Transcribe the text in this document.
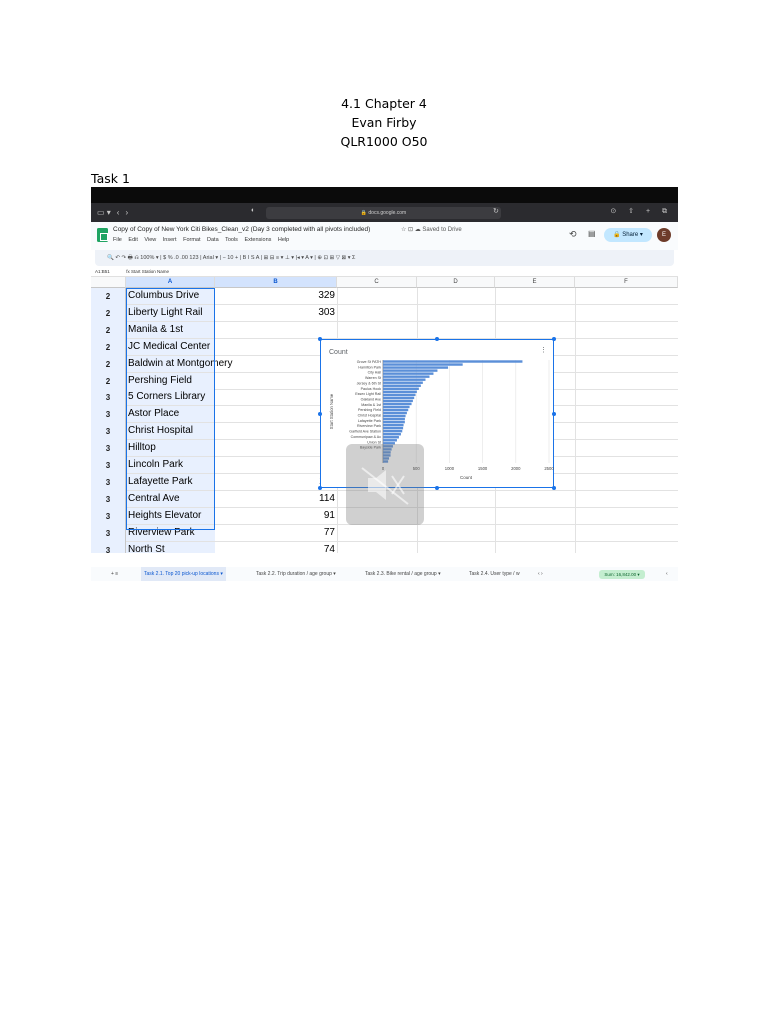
4.1 Chapter 4
Evan Firby
QLR1000 O50
Task 1
▭ ▾ ‹ ›	◐	🔒 docs.google.com	↻	⊙ ⇧ + ⧉
Copy of Copy of New York Citi Bikes_Clean_v2 (Day 3 completed with all pivots included)	☆ ⊡ ☁ Saved to Drive
File Edit View Insert Format Data Tools Extensions Help
⟲ ▤	🔒 Share ▾	E
🔍 ↶ ↷ 🖶 ⎌ 100% ▾ | $ % .0 .00 123 | Arial ▾ | − 10 + | B I S A | ⊞ ⊟ ≡ ▾ ⊥ ▾ |◂ ▾ A ▾ | ⊕ ⊡ ⊞ ▽ ⊠ ▾ Σ
A1:B51	fx Start Station Name
A	B	C	D	E	F
2	Columbus Drive	329
2	Liberty Light Rail	303
2	Manila & 1st
2	JC Medical Center
2	Baldwin at Montgomery
2	Pershing Field
3	5 Corners Library
3	Astor Place
3	Christ Hospital
3	Hilltop
3	Lincoln Park
3	Lafayette Park
3	Central Ave	114
3	Heights Elevator	91
3	Riverview Park	77
3	North St	74
+ ≡	Task 2.1. Top 20 pick-up locations ▾	Task 2.2. Trip duration / age group ▾	Task 2.3. Bike rental / age group ▾	Task 2.4. User type / w	‹ ›	Sum: 16,842.00 ▾	‹
Count
0	500	1000	1500	2000	2500
Grove St PATH
Hamilton Park
City Hall
Warren St
Jersey & 6th St
Paulus Hook
Essex Light Rail
Oakland Ave
Manila & 1st
Pershing Field
Christ Hospital
Lafayette Park
Riverview Park
Garfield Ave Station
Communipaw & Ac
Union St
Bayside Park
Count
Start Station Name
⋮
